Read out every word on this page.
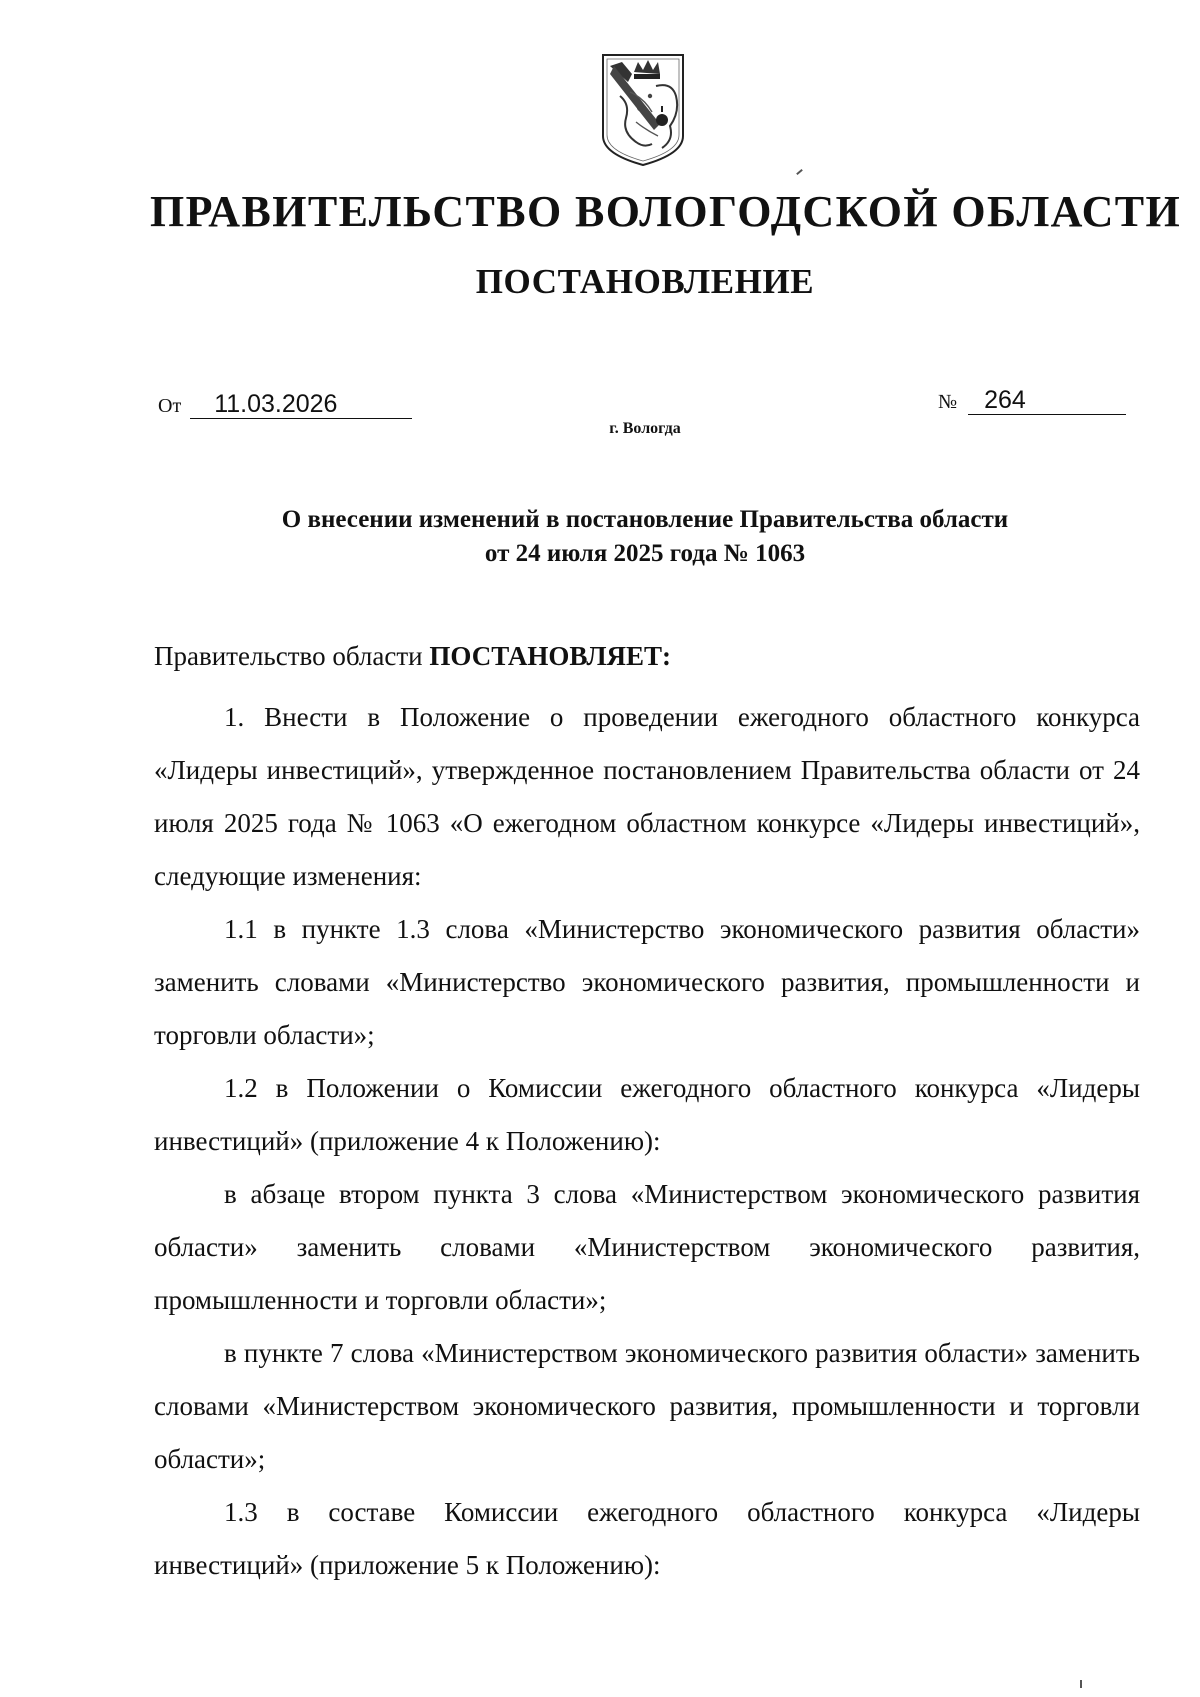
ПРАВИТЕЛЬСТВО ВОЛОГОДСКОЙ ОБЛАСТИ
ПОСТАНОВЛЕНИЕ
От 11.03.2026	№ 264
г. Вологда
О внесении изменений в постановление Правительства области
от 24 июля 2025 года № 1063

Правительство области ПОСТАНОВЛЯЕТ:

1. Внести в Положение о проведении ежегодного областного конкурса «Лидеры инвестиций», утвержденное постановлением Правительства области от 24 июля 2025 года № 1063 «О ежегодном областном конкурсе «Лидеры инвестиций», следующие изменения:

1.1 в пункте 1.3 слова «Министерство экономического развития области» заменить словами «Министерство экономического развития, промышленности и торговли области»;

1.2 в Положении о Комиссии ежегодного областного конкурса «Лидеры инвестиций» (приложение 4 к Положению):

в абзаце втором пункта 3 слова «Министерством экономического развития области» заменить словами «Министерством экономического развития, промышленности и торговли области»;

в пункте 7 слова «Министерством экономического развития области» заменить словами «Министерством экономического развития, промышленности и торговли области»;

1.3 в составе Комиссии ежегодного областного конкурса «Лидеры инвестиций» (приложение 5 к Положению):
